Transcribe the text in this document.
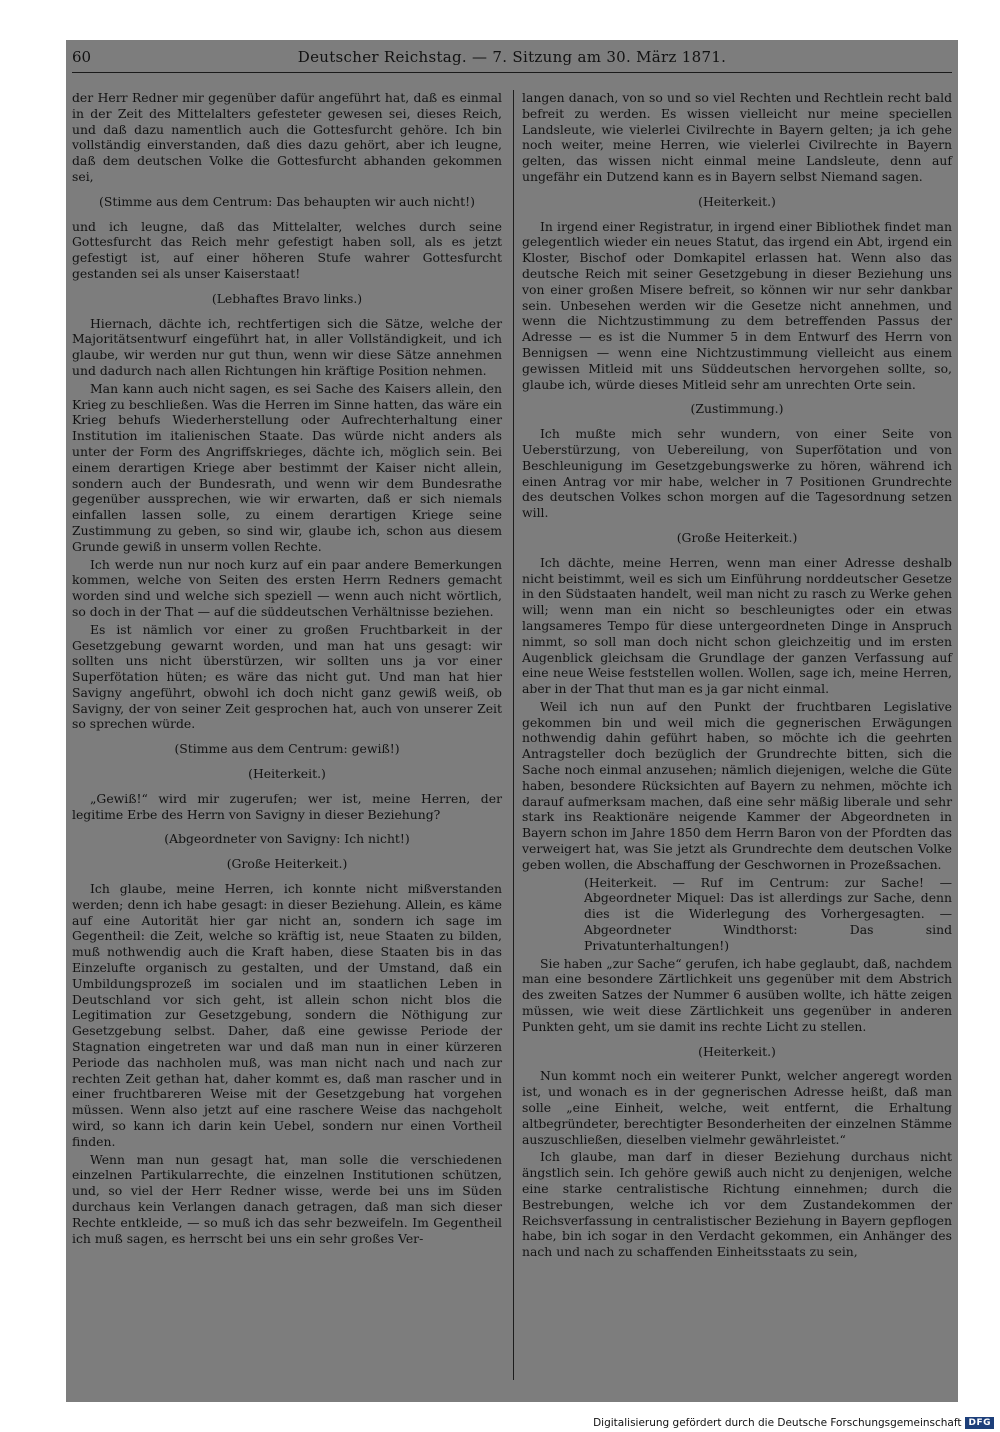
60	Deutscher Reichstag. — 7. Sitzung am 30. März 1871.

der Herr Redner mir gegenüber dafür angeführt hat, daß es einmal in der Zeit des Mittelalters gefesteter gewesen sei, dieses Reich, und daß dazu namentlich auch die Gottesfurcht gehöre. Ich bin vollständig einverstanden, daß dies dazu gehört, aber ich leugne, daß dem deutschen Volke die Gottesfurcht abhanden gekommen sei,

(Stimme aus dem Centrum: Das behaupten wir auch nicht!)

und ich leugne, daß das Mittelalter, welches durch seine Gottesfurcht das Reich mehr gefestigt haben soll, als es jetzt gefestigt ist, auf einer höheren Stufe wahrer Gottesfurcht gestanden sei als unser Kaiserstaat!

(Lebhaftes Bravo links.)

Hiernach, dächte ich, rechtfertigen sich die Sätze, welche der Majoritätsentwurf eingeführt hat, in aller Vollständigkeit, und ich glaube, wir werden nur gut thun, wenn wir diese Sätze annehmen und dadurch nach allen Richtungen hin kräftige Position nehmen.

Man kann auch nicht sagen, es sei Sache des Kaisers allein, den Krieg zu beschließen. Was die Herren im Sinne hatten, das wäre ein Krieg behufs Wiederherstellung oder Aufrechterhaltung einer Institution im italienischen Staate. Das würde nicht anders als unter der Form des Angriffskrieges, dächte ich, möglich sein. Bei einem derartigen Kriege aber bestimmt der Kaiser nicht allein, sondern auch der Bundesrath, und wenn wir dem Bundesrathe gegenüber aussprechen, wie wir erwarten, daß er sich niemals einfallen lassen solle, zu einem derartigen Kriege seine Zustimmung zu geben, so sind wir, glaube ich, schon aus diesem Grunde gewiß in unserm vollen Rechte.

Ich werde nun nur noch kurz auf ein paar andere Bemerkungen kommen, welche von Seiten des ersten Herrn Redners gemacht worden sind und welche sich speziell — wenn auch nicht wörtlich, so doch in der That — auf die süddeutschen Verhältnisse beziehen.

Es ist nämlich vor einer zu großen Fruchtbarkeit in der Gesetzgebung gewarnt worden, und man hat uns gesagt: wir sollten uns nicht überstürzen, wir sollten uns ja vor einer Superfötation hüten; es wäre das nicht gut. Und man hat hier Savigny angeführt, obwohl ich doch nicht ganz gewiß weiß, ob Savigny, der von seiner Zeit gesprochen hat, auch von unserer Zeit so sprechen würde.

(Stimme aus dem Centrum: gewiß!)

(Heiterkeit.)

„Gewiß!“ wird mir zugerufen; wer ist, meine Herren, der legitime Erbe des Herrn von Savigny in dieser Beziehung?

(Abgeordneter von Savigny: Ich nicht!)

(Große Heiterkeit.)

Ich glaube, meine Herren, ich konnte nicht mißverstanden werden; denn ich habe gesagt: in dieser Beziehung. Allein, es käme auf eine Autorität hier gar nicht an, sondern ich sage im Gegentheil: die Zeit, welche so kräftig ist, neue Staaten zu bilden, muß nothwendig auch die Kraft haben, diese Staaten bis in das Einzelufte organisch zu gestalten, und der Umstand, daß ein Umbildungsprozeß im socialen und im staatlichen Leben in Deutschland vor sich geht, ist allein schon nicht blos die Legitimation zur Gesetzgebung, sondern die Nöthigung zur Gesetzgebung selbst. Daher, daß eine gewisse Periode der Stagnation eingetreten war und daß man nun in einer kürzeren Periode das nachholen muß, was man nicht nach und nach zur rechten Zeit gethan hat, daher kommt es, daß man rascher und in einer fruchtbareren Weise mit der Gesetzgebung hat vorgehen müssen. Wenn also jetzt auf eine raschere Weise das nachgeholt wird, so kann ich darin kein Uebel, sondern nur einen Vortheil finden.

Wenn man nun gesagt hat, man solle die verschiedenen einzelnen Partikularrechte, die einzelnen Institutionen schützen, und, so viel der Herr Redner wisse, werde bei uns im Süden durchaus kein Verlangen danach getragen, daß man sich dieser Rechte entkleide, — so muß ich das sehr bezweifeln. Im Gegentheil ich muß sagen, es herrscht bei uns ein sehr großes Ver-

langen danach, von so und so viel Rechten und Rechtlein recht bald befreit zu werden. Es wissen vielleicht nur meine speciellen Landsleute, wie vielerlei Civilrechte in Bayern gelten; ja ich gehe noch weiter, meine Herren, wie vielerlei Civilrechte in Bayern gelten, das wissen nicht einmal meine Landsleute, denn auf ungefähr ein Dutzend kann es in Bayern selbst Niemand sagen.

(Heiterkeit.)

In irgend einer Registratur, in irgend einer Bibliothek findet man gelegentlich wieder ein neues Statut, das irgend ein Abt, irgend ein Kloster, Bischof oder Domkapitel erlassen hat. Wenn also das deutsche Reich mit seiner Gesetzgebung in dieser Beziehung uns von einer großen Misere befreit, so können wir nur sehr dankbar sein. Unbesehen werden wir die Gesetze nicht annehmen, und wenn die Nichtzustimmung zu dem betreffenden Passus der Adresse — es ist die Nummer 5 in dem Entwurf des Herrn von Bennigsen — wenn eine Nichtzustimmung vielleicht aus einem gewissen Mitleid mit uns Süddeutschen hervorgehen sollte, so, glaube ich, würde dieses Mitleid sehr am unrechten Orte sein.

(Zustimmung.)

Ich mußte mich sehr wundern, von einer Seite von Ueberstürzung, von Uebereilung, von Superfötation und von Beschleunigung im Gesetzgebungswerke zu hören, während ich einen Antrag vor mir habe, welcher in 7 Positionen Grundrechte des deutschen Volkes schon morgen auf die Tagesordnung setzen will.

(Große Heiterkeit.)

Ich dächte, meine Herren, wenn man einer Adresse deshalb nicht beistimmt, weil es sich um Einführung norddeutscher Gesetze in den Südstaaten handelt, weil man nicht zu rasch zu Werke gehen will; wenn man ein nicht so beschleunigtes oder ein etwas langsameres Tempo für diese untergeordneten Dinge in Anspruch nimmt, so soll man doch nicht schon gleichzeitig und im ersten Augenblick gleichsam die Grundlage der ganzen Verfassung auf eine neue Weise feststellen wollen. Wollen, sage ich, meine Herren, aber in der That thut man es ja gar nicht einmal.

Weil ich nun auf den Punkt der fruchtbaren Legislative gekommen bin und weil mich die gegnerischen Erwägungen nothwendig dahin geführt haben, so möchte ich die geehrten Antragsteller doch bezüglich der Grundrechte bitten, sich die Sache noch einmal anzusehen; nämlich diejenigen, welche die Güte haben, besondere Rücksichten auf Bayern zu nehmen, möchte ich darauf aufmerksam machen, daß eine sehr mäßig liberale und sehr stark ins Reaktionäre neigende Kammer der Abgeordneten in Bayern schon im Jahre 1850 dem Herrn Baron von der Pfordten das verweigert hat, was Sie jetzt als Grundrechte dem deutschen Volke geben wollen, die Abschaffung der Geschwornen in Prozeßsachen.

(Heiterkeit. — Ruf im Centrum: zur Sache! — Abgeordneter Miquel: Das ist allerdings zur Sache, denn dies ist die Widerlegung des Vorhergesagten. — Abgeordneter Windthorst: Das sind Privatunterhaltungen!)

Sie haben „zur Sache“ gerufen, ich habe geglaubt, daß, nachdem man eine besondere Zärtlichkeit uns gegenüber mit dem Abstrich des zweiten Satzes der Nummer 6 ausüben wollte, ich hätte zeigen müssen, wie weit diese Zärtlichkeit uns gegenüber in anderen Punkten geht, um sie damit ins rechte Licht zu stellen.

(Heiterkeit.)

Nun kommt noch ein weiterer Punkt, welcher angeregt worden ist, und wonach es in der gegnerischen Adresse heißt, daß man solle „eine Einheit, welche, weit entfernt, die Erhaltung altbegründeter, berechtigter Besonderheiten der einzelnen Stämme auszuschließen, dieselben vielmehr gewährleistet.“

Ich glaube, man darf in dieser Beziehung durchaus nicht ängstlich sein. Ich gehöre gewiß auch nicht zu denjenigen, welche eine starke centralistische Richtung einnehmen; durch die Bestrebungen, welche ich vor dem Zustandekommen der Reichsverfassung in centralistischer Beziehung in Bayern gepflogen habe, bin ich sogar in den Verdacht gekommen, ein Anhänger des nach und nach zu schaffenden Einheitsstaats zu sein,

Digitalisierung gefördert durch die Deutsche Forschungsgemeinschaft DFG
